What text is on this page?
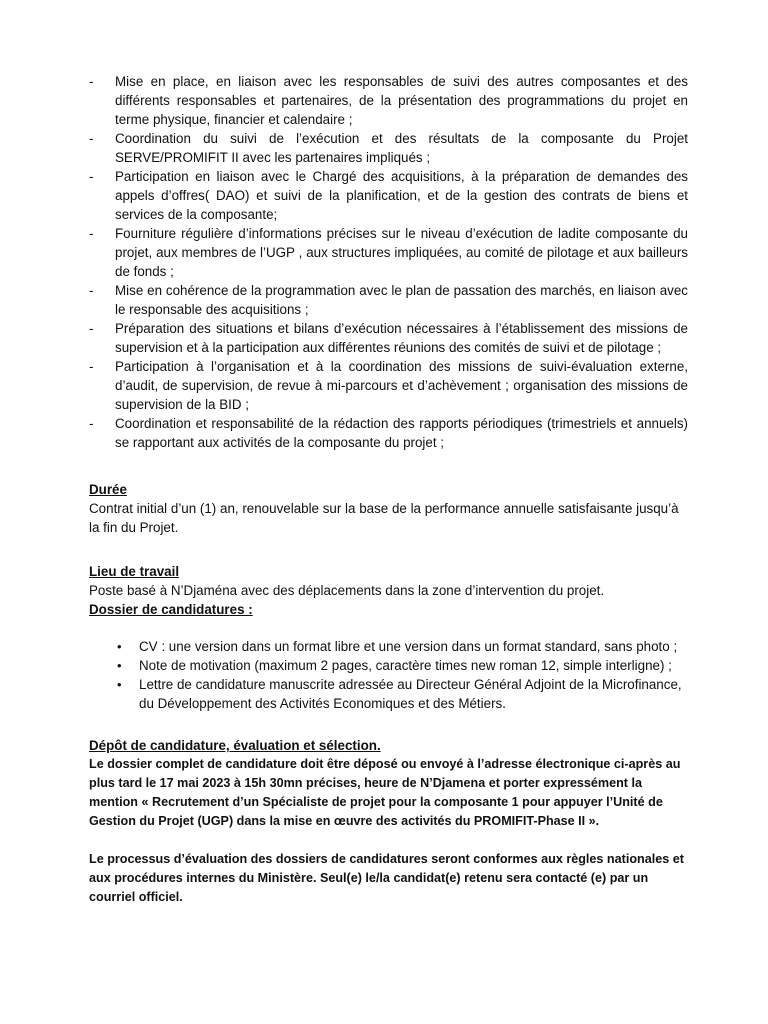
- Mise en place, en liaison avec les responsables de suivi des autres composantes et des différents responsables et partenaires, de la présentation des programmations du projet en terme physique, financier et calendaire ;
- Coordination du suivi de l’exécution et des résultats de la composante du Projet SERVE/PROMIFIT II avec les partenaires impliqués ;
- Participation en liaison avec le Chargé des acquisitions, à la préparation de demandes des appels d’offres( DAO) et suivi de la planification, et de la gestion des contrats de biens et services de la composante;
- Fourniture régulière d’informations précises sur le niveau d’exécution de ladite composante du projet, aux membres de l’UGP , aux structures impliquées, au comité de pilotage et aux bailleurs de fonds ;
- Mise en cohérence de la programmation avec le plan de passation des marchés, en liaison avec le responsable des acquisitions ;
- Préparation des situations et bilans d’exécution nécessaires à l’établissement des missions de supervision et à la participation aux différentes réunions des comités de suivi et de pilotage ;
- Participation à l’organisation et à la coordination des missions de suivi-évaluation externe, d’audit, de supervision, de revue à mi-parcours et d’achèvement ; organisation des missions de supervision de la BID ;
- Coordination et responsabilité de la rédaction des rapports périodiques (trimestriels et annuels) se rapportant aux activités de la composante du projet ;
Durée
Contrat initial d’un (1) an, renouvelable sur la base de la performance annuelle satisfaisante jusqu’à la fin du Projet.
Lieu de travail
Poste basé à N’Djaména avec des déplacements dans la zone d’intervention du projet.
Dossier de candidatures :
• CV : une version dans un format libre et une version dans un format standard, sans photo ;
• Note de motivation (maximum 2 pages, caractère times new roman 12, simple interligne) ;
• Lettre de candidature manuscrite adressée au Directeur Général Adjoint de la Microfinance, du Développement des Activités Economiques et des Métiers.
Dépôt de candidature, évaluation et sélection.
Le dossier complet de candidature doit être déposé ou envoyé à l’adresse électronique ci-après au plus tard le 17 mai 2023 à 15h 30mn précises, heure de N’Djamena et porter expressément la mention « Recrutement d’un Spécialiste de projet pour la composante 1 pour appuyer l’Unité de Gestion du Projet (UGP) dans la mise en œuvre des activités du PROMIFIT-Phase II ».
Le processus d’évaluation des dossiers de candidatures seront conformes aux règles nationales et aux procédures internes du Ministère. Seul(e) le/la candidat(e) retenu sera contacté (e) par un courriel officiel.
